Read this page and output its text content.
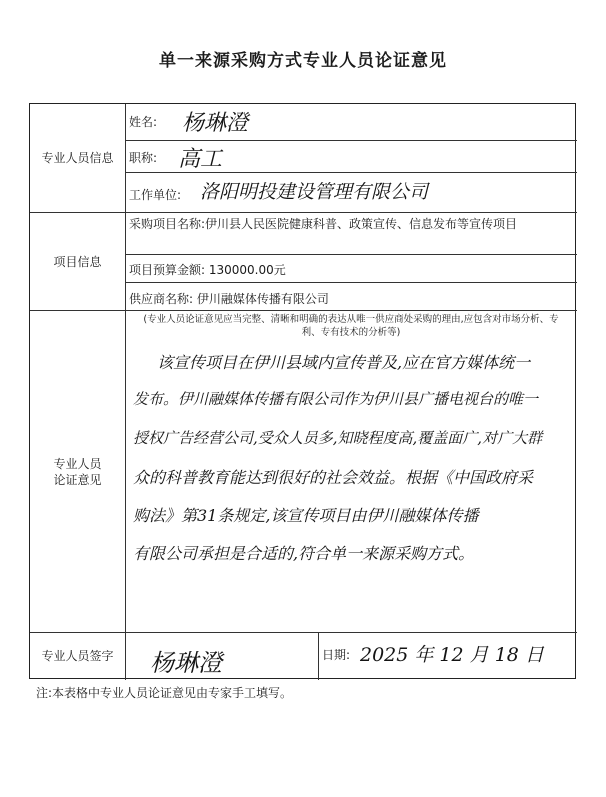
单一来源采购方式专业人员论证意见
专业人员信息
项目信息
专业人员论证意见
专业人员签字
姓名: 杨琳澄
职称: 高工
工作单位: 洛阳明投建设管理有限公司
采购项目名称:伊川县人民医院健康科普、政策宣传、信息发布等宣传项目
项目预算金额: 130000.00元
供应商名称: 伊川融媒体传播有限公司
(专业人员论证意见应当完整、清晰和明确的表达从唯一供应商处采购的理由,应包含对市场分析、专利、专有技术的分析等)
该宣传项目在伊川县域内宣传普及,应在官方媒体统一
发布。伊川融媒体传播有限公司作为伊川县广播电视台的唯一
授权广告经营公司,受众人员多,知晓程度高,覆盖面广,对广大群
众的科普教育能达到很好的社会效益。根据《中国政府采
购法》第31条规定,该宣传项目由伊川融媒体传播
有限公司承担是合适的,符合单一来源采购方式。
杨琳澄	日期: 2025 年 12 月 18 日
注:本表格中专业人员论证意见由专家手工填写。
